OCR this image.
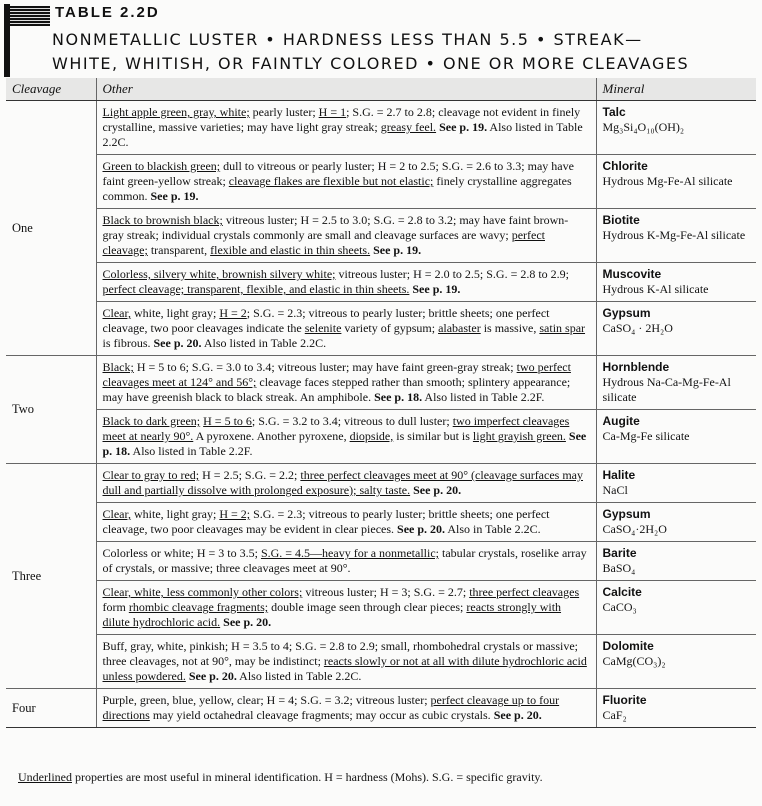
TABLE 2.2D
NONMETALLIC LUSTER • HARDNESS LESS THAN 5.5 • STREAK—
WHITE, WHITISH, OR FAINTLY COLORED • ONE OR MORE CLEAVAGES
Cleavage	Other	Mineral
One	Light apple green, gray, white; pearly luster; H = 1; S.G. = 2.7 to 2.8; cleavage not evident in finely crystalline, massive varieties; may have light gray streak; greasy feel. See p. 19. Also listed in Table 2.2C.	Talc
Mg₃Si₄O₁₀(OH)₂

	Green to blackish green; dull to vitreous or pearly luster; H = 2 to 2.5; S.G. = 2.6 to 3.3; may have faint green-yellow streak; cleavage flakes are flexible but not elastic; finely crystalline aggregates common. See p. 19.	Chlorite
Hydrous Mg-Fe-Al silicate

	Black to brownish black; vitreous luster; H = 2.5 to 3.0; S.G. = 2.8 to 3.2; may have faint brown-gray streak; individual crystals commonly are small and cleavage surfaces are wavy; perfect cleavage; transparent, flexible and elastic in thin sheets. See p. 19.	Biotite
Hydrous K-Mg-Fe-Al silicate

	Colorless, silvery white, brownish silvery white; vitreous luster; H = 2.0 to 2.5; S.G. = 2.8 to 2.9; perfect cleavage; transparent, flexible, and elastic in thin sheets. See p. 19.	Muscovite
Hydrous K-Al silicate

	Clear, white, light gray; H = 2; S.G. = 2.3; vitreous to pearly luster; brittle sheets; one perfect cleavage, two poor cleavages indicate the selenite variety of gypsum; alabaster is massive, satin spar is fibrous. See p. 20. Also listed in Table 2.2C.	Gypsum
CaSO₄ · 2H₂O

Two	Black; H = 5 to 6; S.G. = 3.0 to 3.4; vitreous luster; may have faint green-gray streak; two perfect cleavages meet at 124° and 56°; cleavage faces stepped rather than smooth; splintery appearance; may have greenish black to black streak. An amphibole. See p. 18. Also listed in Table 2.2F.	Hornblende
Hydrous Na-Ca-Mg-Fe-Al silicate

	Black to dark green; H = 5 to 6; S.G. = 3.2 to 3.4; vitreous to dull luster; two imperfect cleavages meet at nearly 90°. A pyroxene. Another pyroxene, diopside, is similar but is light grayish green. See p. 18. Also listed in Table 2.2F.	Augite
Ca-Mg-Fe silicate

Three	Clear to gray to red; H = 2.5; S.G. = 2.2; three perfect cleavages meet at 90° (cleavage surfaces may dull and partially dissolve with prolonged exposure); salty taste. See p. 20.	Halite
NaCl

	Clear, white, light gray; H = 2; S.G. = 2.3; vitreous to pearly luster; brittle sheets; one perfect cleavage, two poor cleavages may be evident in clear pieces. See p. 20. Also in Table 2.2C.	Gypsum
CaSO₄·2H₂O

	Colorless or white; H = 3 to 3.5; S.G. = 4.5—heavy for a nonmetallic; tabular crystals, roselike array of crystals, or massive; three cleavages meet at 90°.	Barite
BaSO₄

	Clear, white, less commonly other colors; vitreous luster; H = 3; S.G. = 2.7; three perfect cleavages form rhombic cleavage fragments; double image seen through clear pieces; reacts strongly with dilute hydrochloric acid. See p. 20.	Calcite
CaCO₃

	Buff, gray, white, pinkish; H = 3.5 to 4; S.G. = 2.8 to 2.9; small, rhombohedral crystals or massive; three cleavages, not at 90°, may be indistinct; reacts slowly or not at all with dilute hydrochloric acid unless powdered. See p. 20. Also listed in Table 2.2C.	Dolomite
CaMg(CO₃)₂

Four	Purple, green, blue, yellow, clear; H = 4; S.G. = 3.2; vitreous luster; perfect cleavage up to four directions may yield octahedral cleavage fragments; may occur as cubic crystals. See p. 20.	Fluorite
CaF₂
Underlined properties are most useful in mineral identification. H = hardness (Mohs). S.G. = specific gravity.
